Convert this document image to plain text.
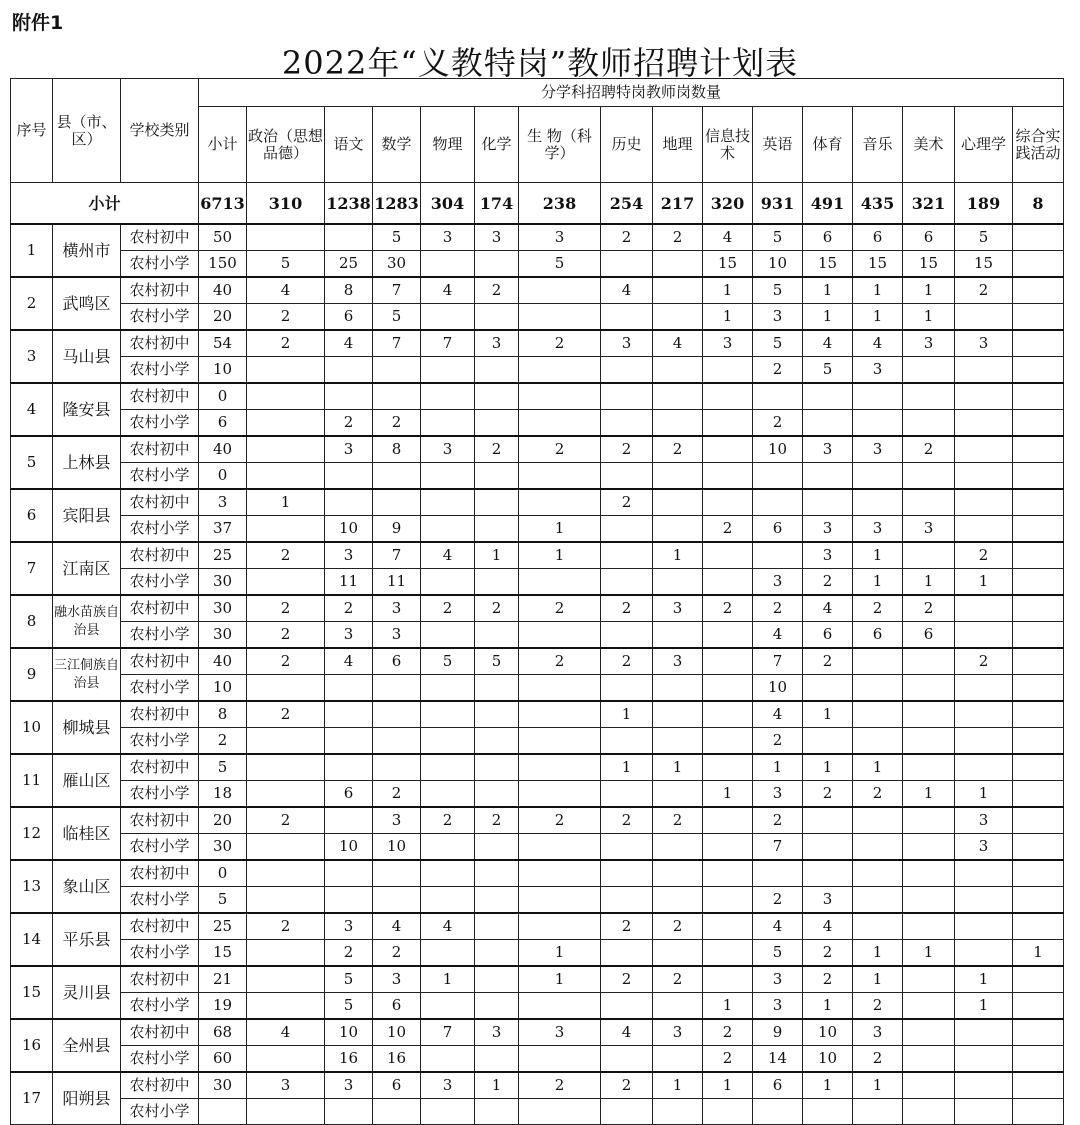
附件1
2022年“义教特岗”教师招聘计划表
序号	县（市、区）	学校类别	分学科招聘特岗教师岗数量															
			小计	政治（思想品德）	语文	数学	物理	化学	生 物（科学）	历史	地理	信息技术	英语	体育	音乐	美术	心理学	综合实践活动
小计			6713	310	1238	1283	304	174	238	254	217	320	931	491	435	321	189	8
1	横州市	农村初中	50			5	3	3	3	2	2	4	5	6	6	6	5	
		农村小学	150	5	25	30			5			15	10	15	15	15	15	
2	武鸣区	农村初中	40	4	8	7	4	2		4		1	5	1	1	1	2	
		农村小学	20	2	6	5						1	3	1	1	1		
3	马山县	农村初中	54	2	4	7	7	3	2	3	4	3	5	4	4	3	3	
		农村小学	10										2	5	3			
4	隆安县	农村初中	0															
		农村小学	6		2	2							2					
5	上林县	农村初中	40		3	8	3	2	2	2	2		10	3	3	2		
		农村小学	0															
6	宾阳县	农村初中	3	1						2								
		农村小学	37		10	9			1			2	6	3	3	3		
7	江南区	农村初中	25	2	3	7	4	1	1		1			3	1		2	
		农村小学	30		11	11							3	2	1	1	1	
8	融水苗族自治县	农村初中	30	2	2	3	2	2	2	2	3	2	2	4	2	2		
		农村小学	30	2	3	3							4	6	6	6		
9	三江侗族自治县	农村初中	40	2	4	6	5	5	2	2	3		7	2			2	
		农村小学	10										10					
10	柳城县	农村初中	8	2						1			4	1				
		农村小学	2										2					
11	雁山区	农村初中	5							1	1		1	1	1			
		农村小学	18		6	2						1	3	2	2	1	1	
12	临桂区	农村初中	20	2		3	2	2	2	2	2		2				3	
		农村小学	30		10	10							7				3	
13	象山区	农村初中	0															
		农村小学	5										2	3				
14	平乐县	农村初中	25	2	3	4	4			2	2		4	4				
		农村小学	15		2	2			1				5	2	1	1		1
15	灵川县	农村初中	21		5	3	1		1	2	2		3	2	1		1	
		农村小学	19		5	6						1	3	1	2		1	
16	全州县	农村初中	68	4	10	10	7	3	3	4	3	2	9	10	3			
		农村小学	60		16	16						2	14	10	2			
17	阳朔县	农村初中	30	3	3	6	3	1	2	2	1	1	6	1	1			
		农村小学																
